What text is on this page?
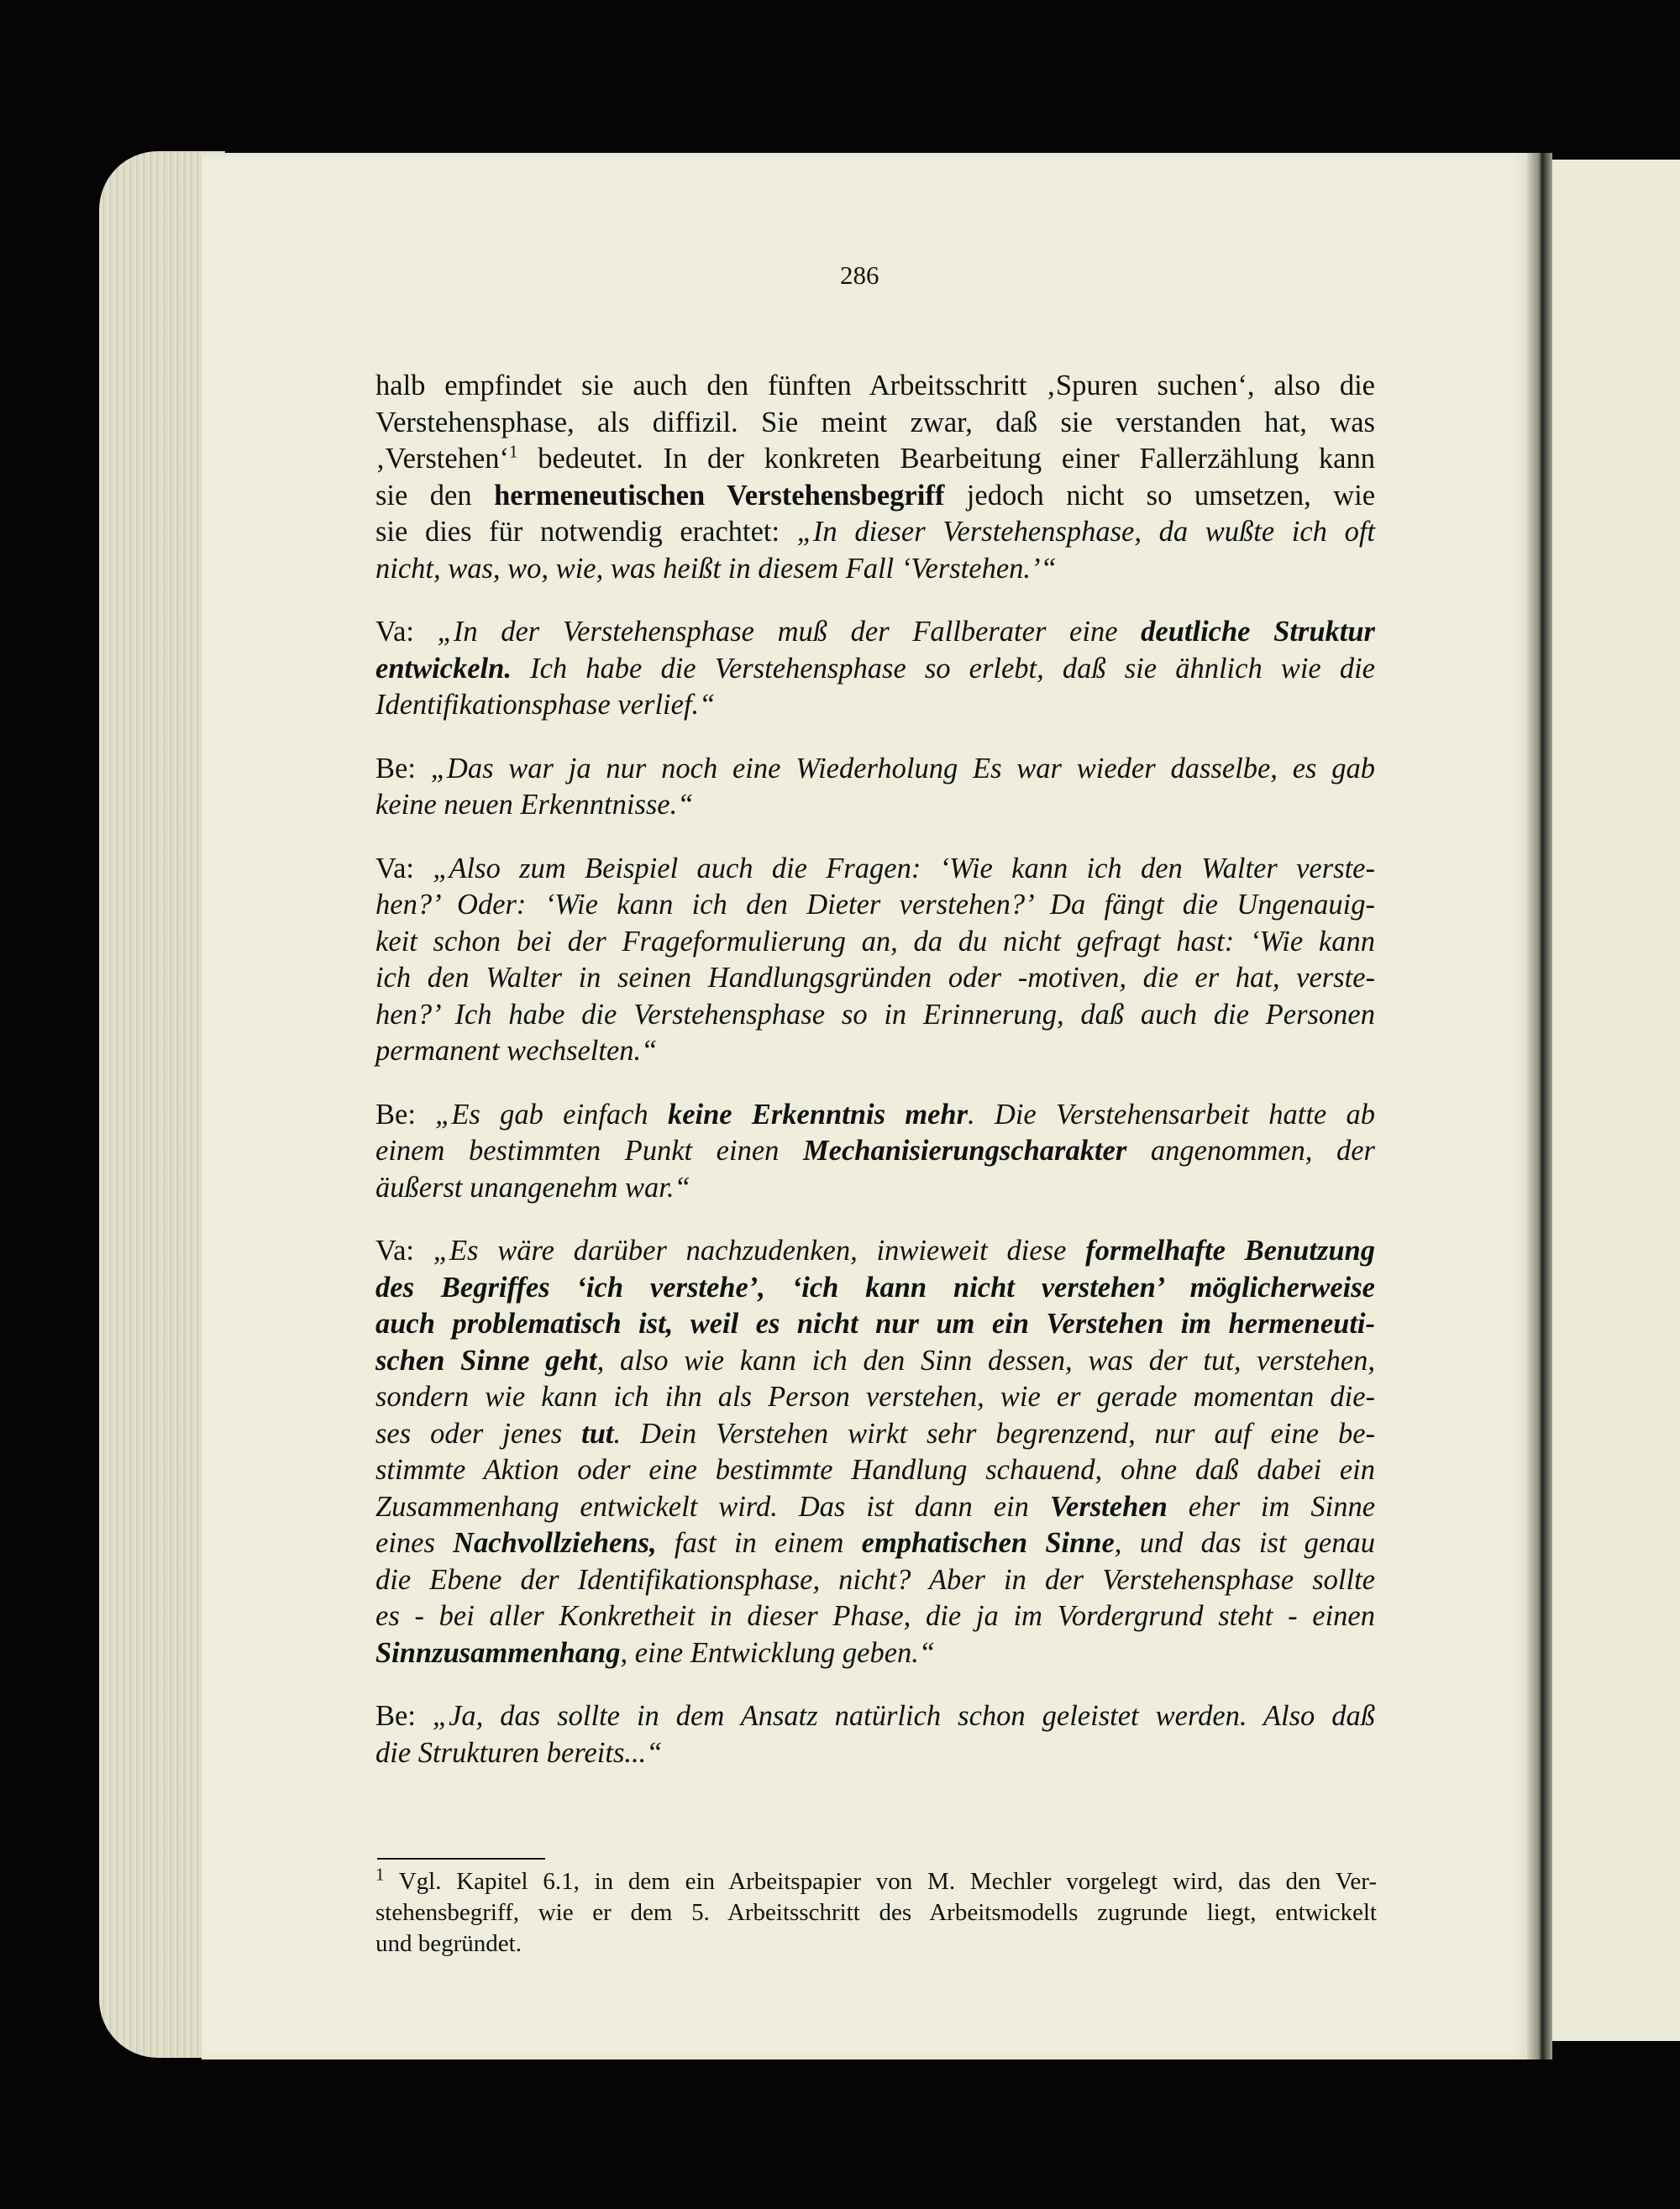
286
halb empfindet sie auch den fünften Arbeitsschritt ‚Spuren suchen‘, also die
Verstehensphase, als diffizil. Sie meint zwar, daß sie verstanden hat, was
‚Verstehen‘$^1$ bedeutet. In der konkreten Bearbeitung einer Fallerzählung kann
sie den hermeneutischen Verstehensbegriff jedoch nicht so umsetzen, wie
sie dies für notwendig erachtet: „In dieser Verstehensphase, da wußte ich oft
nicht, was, wo, wie, was heißt in diesem Fall ‘Verstehen.’“
Va: „In der Verstehensphase muß der Fallberater eine deutliche Struktur
entwickeln. Ich habe die Verstehensphase so erlebt, daß sie ähnlich wie die
Identifikationsphase verlief.“
Be: „Das war ja nur noch eine Wiederholung Es war wieder dasselbe, es gab
keine neuen Erkenntnisse.“
Va: „Also zum Beispiel auch die Fragen: ‘Wie kann ich den Walter verste-
hen?’ Oder: ‘Wie kann ich den Dieter verstehen?’ Da fängt die Ungenauig-
keit schon bei der Frageformulierung an, da du nicht gefragt hast: ‘Wie kann
ich den Walter in seinen Handlungsgründen oder -motiven, die er hat, verste-
hen?’ Ich habe die Verstehensphase so in Erinnerung, daß auch die Personen
permanent wechselten.“
Be: „Es gab einfach keine Erkenntnis mehr. Die Verstehensarbeit hatte ab
einem bestimmten Punkt einen Mechanisierungscharakter angenommen, der
äußerst unangenehm war.“
Va: „Es wäre darüber nachzudenken, inwieweit diese formelhafte Benutzung
des Begriffes ‘ich verstehe’, ‘ich kann nicht verstehen’ möglicherweise
auch problematisch ist, weil es nicht nur um ein Verstehen im hermeneuti-
schen Sinne geht, also wie kann ich den Sinn dessen, was der tut, verstehen,
sondern wie kann ich ihn als Person verstehen, wie er gerade momentan die-
ses oder jenes tut. Dein Verstehen wirkt sehr begrenzend, nur auf eine be-
stimmte Aktion oder eine bestimmte Handlung schauend, ohne daß dabei ein
Zusammenhang entwickelt wird. Das ist dann ein Verstehen eher im Sinne
eines Nachvollziehens, fast in einem emphatischen Sinne, und das ist genau
die Ebene der Identifikationsphase, nicht? Aber in der Verstehensphase sollte
es - bei aller Konkretheit in dieser Phase, die ja im Vordergrund steht - einen
Sinnzusammenhang, eine Entwicklung geben.“
Be: „Ja, das sollte in dem Ansatz natürlich schon geleistet werden. Also daß
die Strukturen bereits...“
$^1$ Vgl. Kapitel 6.1, in dem ein Arbeitspapier von M. Mechler vorgelegt wird, das den Ver-
stehensbegriff, wie er dem 5. Arbeitsschritt des Arbeitsmodells zugrunde liegt, entwickelt
und begründet.
